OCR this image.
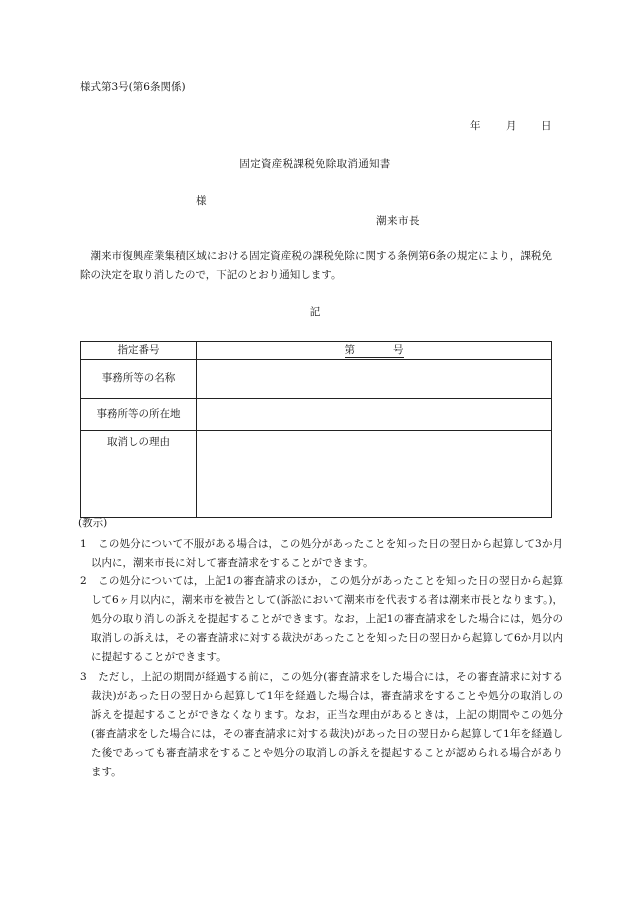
様式第3号(第6条関係)
年 月 日
固定資産税課税免除取消通知書
様
潮来市長
潮来市復興産業集積区域における固定資産税の課税免除に関する条例第6条の規定により，課税免除の決定を取り消したので，下記のとおり通知します。
記
指定番号	第 号
事務所等の名称	
事務所等の所在地	
取消しの理由	
(教示)
1 この処分について不服がある場合は，この処分があったことを知った日の翌日から起算して3か月以内に，潮来市長に対して審査請求をすることができます。
2 この処分については，上記1の審査請求のほか，この処分があったことを知った日の翌日から起算して6ヶ月以内に，潮来市を被告として(訴訟において潮来市を代表する者は潮来市長となります。)，処分の取り消しの訴えを提起することができます。なお，上記1の審査請求をした場合には，処分の取消しの訴えは，その審査請求に対する裁決があったことを知った日の翌日から起算して6か月以内に提起することができます。
3 ただし，上記の期間が経過する前に，この処分(審査請求をした場合には，その審査請求に対する裁決)があった日の翌日から起算して1年を経過した場合は，審査請求をすることや処分の取消しの訴えを提起することができなくなります。なお，正当な理由があるときは，上記の期間やこの処分(審査請求をした場合には，その審査請求に対する裁決)があった日の翌日から起算して1年を経過した後であっても審査請求をすることや処分の取消しの訴えを提起することが認められる場合があります。
